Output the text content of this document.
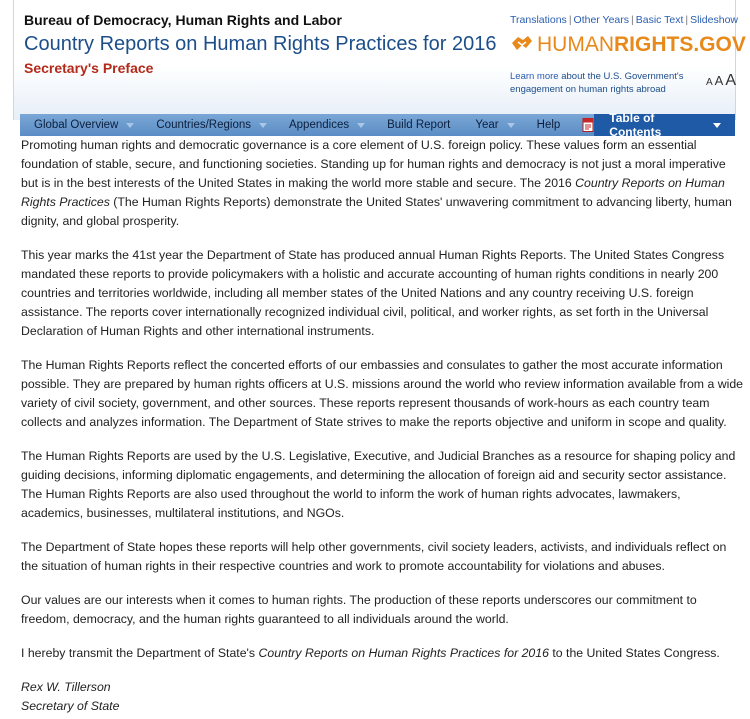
Bureau of Democracy, Human Rights and Labor
Country Reports on Human Rights Practices for 2016
Secretary's Preface
Translations | Other Years | Basic Text | Slideshow
HUMANRIGHTS.GOV
Learn more about the U.S. Government's engagement on human rights abroad
A A A
Global Overview	Countries/Regions	Appendices	Build Report Year	Help	Table of Contents

Promoting human rights and democratic governance is a core element of U.S. foreign policy. These values form an essential foundation of stable, secure, and functioning societies. Standing up for human rights and democracy is not just a moral imperative but is in the best interests of the United States in making the world more stable and secure. The 2016 Country Reports on Human Rights Practices (The Human Rights Reports) demonstrate the United States' unwavering commitment to advancing liberty, human dignity, and global prosperity.

This year marks the 41st year the Department of State has produced annual Human Rights Reports. The United States Congress mandated these reports to provide policymakers with a holistic and accurate accounting of human rights conditions in nearly 200 countries and territories worldwide, including all member states of the United Nations and any country receiving U.S. foreign assistance. The reports cover internationally recognized individual civil, political, and worker rights, as set forth in the Universal Declaration of Human Rights and other international instruments.

The Human Rights Reports reflect the concerted efforts of our embassies and consulates to gather the most accurate information possible. They are prepared by human rights officers at U.S. missions around the world who review information available from a wide variety of civil society, government, and other sources. These reports represent thousands of work-hours as each country team collects and analyzes information. The Department of State strives to make the reports objective and uniform in scope and quality.

The Human Rights Reports are used by the U.S. Legislative, Executive, and Judicial Branches as a resource for shaping policy and guiding decisions, informing diplomatic engagements, and determining the allocation of foreign aid and security sector assistance. The Human Rights Reports are also used throughout the world to inform the work of human rights advocates, lawmakers, academics, businesses, multilateral institutions, and NGOs.

The Department of State hopes these reports will help other governments, civil society leaders, activists, and individuals reflect on the situation of human rights in their respective countries and work to promote accountability for violations and abuses.

Our values are our interests when it comes to human rights. The production of these reports underscores our commitment to freedom, democracy, and the human rights guaranteed to all individuals around the world.

I hereby transmit the Department of State's Country Reports on Human Rights Practices for 2016 to the United States Congress.

Rex W. Tillerson
Secretary of State
